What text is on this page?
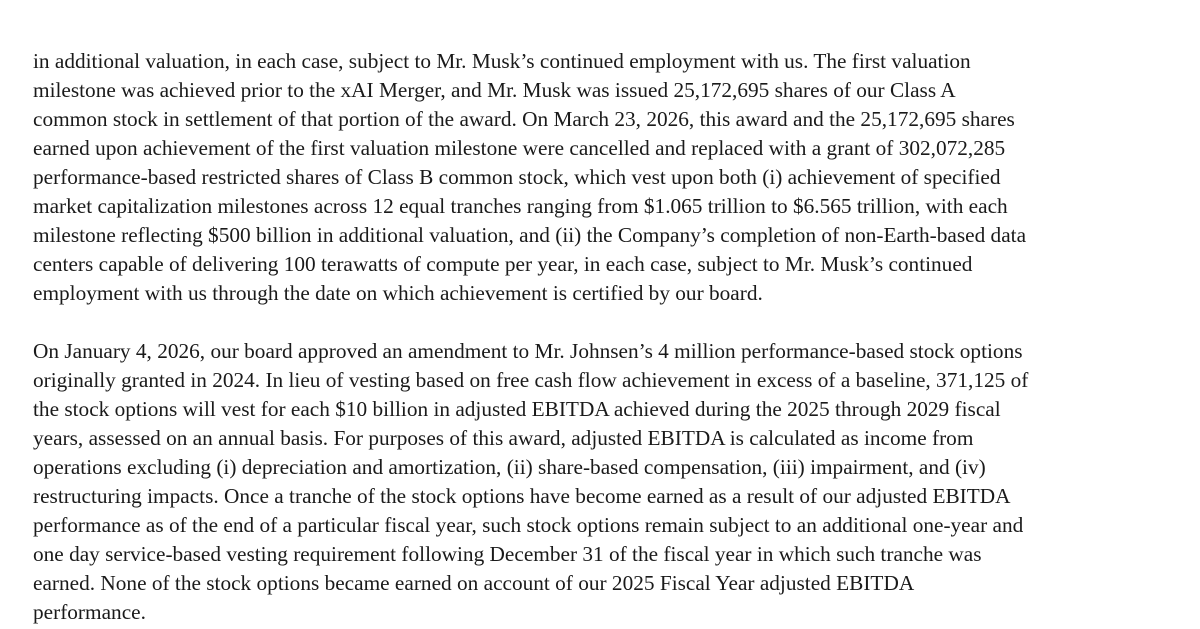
in additional valuation, in each case, subject to Mr. Musk’s continued employment with us. The first valuation
milestone was achieved prior to the xAI Merger, and Mr. Musk was issued 25,172,695 shares of our Class A
common stock in settlement of that portion of the award. On March 23, 2026, this award and the 25,172,695 shares
earned upon achievement of the first valuation milestone were cancelled and replaced with a grant of 302,072,285
performance-based restricted shares of Class B common stock, which vest upon both (i) achievement of specified
market capitalization milestones across 12 equal tranches ranging from $1.065 trillion to $6.565 trillion, with each
milestone reflecting $500 billion in additional valuation, and (ii) the Company’s completion of non-Earth-based data
centers capable of delivering 100 terawatts of compute per year, in each case, subject to Mr. Musk’s continued
employment with us through the date on which achievement is certified by our board.

On January 4, 2026, our board approved an amendment to Mr. Johnsen’s 4 million performance-based stock options
originally granted in 2024. In lieu of vesting based on free cash flow achievement in excess of a baseline, 371,125 of
the stock options will vest for each $10 billion in adjusted EBITDA achieved during the 2025 through 2029 fiscal
years, assessed on an annual basis. For purposes of this award, adjusted EBITDA is calculated as income from
operations excluding (i) depreciation and amortization, (ii) share-based compensation, (iii) impairment, and (iv)
restructuring impacts. Once a tranche of the stock options have become earned as a result of our adjusted EBITDA
performance as of the end of a particular fiscal year, such stock options remain subject to an additional one-year and
one day service-based vesting requirement following December 31 of the fiscal year in which such tranche was
earned. None of the stock options became earned on account of our 2025 Fiscal Year adjusted EBITDA
performance.
